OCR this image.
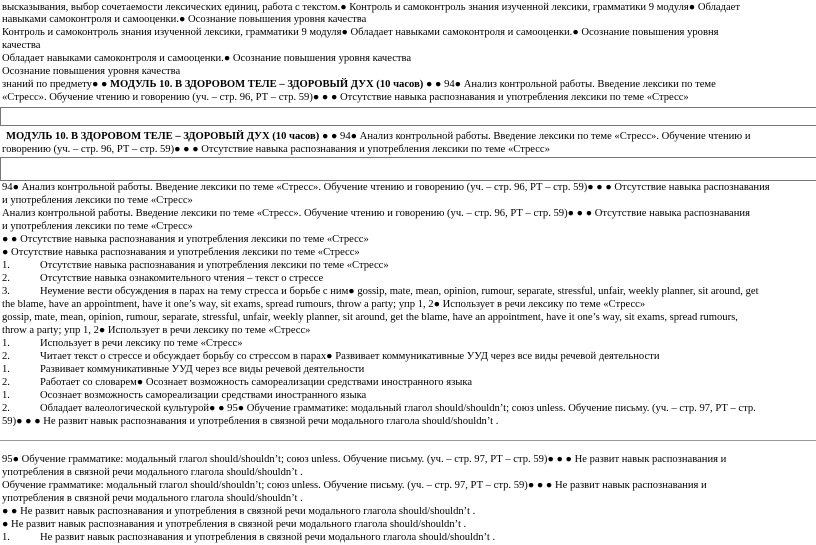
высказывания, выбор сочетаемости лексических единиц, работа с текстом.● Контроль и самоконтроль знания изученной лексики, грамматики 9 модуля● Обладает
навыками самоконтроля и самооценки.● Осознание повышения уровня качества
Контроль и самоконтроль знания изученной лексики, грамматики 9 модуля● Обладает навыками самоконтроля и самооценки.● Осознание повышения уровня
качества
Обладает навыками самоконтроля и самооценки.● Осознание повышения уровня качества
Осознание повышения уровня качества
знаний по предмету● ● МОДУЛЬ 10. В ЗДОРОВОМ ТЕЛЕ – ЗДОРОВЫЙ ДУХ (10 часов) ● ● 94● Анализ контрольной работы. Введение лексики по теме
«Стресс». Обучение чтению и говорению (уч. – стр. 96, РТ – стр. 59)● ● ● Отсутствие навыка распознавания и употребления лексики по теме «Стресс»
МОДУЛЬ 10. В ЗДОРОВОМ ТЕЛЕ – ЗДОРОВЫЙ ДУХ (10 часов) ● ● 94● Анализ контрольной работы. Введение лексики по теме «Стресс». Обучение чтению и
говорению (уч. – стр. 96, РТ – стр. 59)● ● ● Отсутствие навыка распознавания и употребления лексики по теме «Стресс»
94● Анализ контрольной работы. Введение лексики по теме «Стресс». Обучение чтению и говорению (уч. – стр. 96, РТ – стр. 59)● ● ● Отсутствие навыка распознавания
и употребления лексики по теме «Стресс»
Анализ контрольной работы. Введение лексики по теме «Стресс». Обучение чтению и говорению (уч. – стр. 96, РТ – стр. 59)● ● ● Отсутствие навыка распознавания
и употребления лексики по теме «Стресс»
● ● Отсутствие навыка распознавания и употребления лексики по теме «Стресс»
● Отсутствие навыка распознавания и употребления лексики по теме «Стресс»
1.	Отсутствие навыка распознавания и употребления лексики по теме «Стресс»
2.	Отсутствие навыка ознакомительного чтения – текст о стрессе
3.	Неумение вести обсуждения в парах на тему стресса и борьбе с ним● gossip, mate, mean, opinion, rumour, separate, stressful, unfair, weekly planner, sit around, get
the blame, have an appointment, have it one’s way, sit exams, spread rumours, throw a party; упр 1, 2● Использует в речи лексику по теме «Стресс»
gossip, mate, mean, opinion, rumour, separate, stressful, unfair, weekly planner, sit around, get the blame, have an appointment, have it one’s way, sit exams, spread rumours,
throw a party; упр 1, 2● Использует в речи лексику по теме «Стресс»
1.	Использует в речи лексику по теме «Стресс»
2.	Читает текст о стрессе и обсуждает борьбу со стрессом в парах● Развивает коммуникативные УУД через все виды речевой деятельности
1.	Развивает коммуникативные УУД через все виды речевой деятельности
2.	Работает со словарем● Осознает возможность самореализации средствами иностранного языка
1.	Осознает возможность самореализации средствами иностранного языка
2.	Обладает валеологической культурой● ● 95● Обучение грамматике: модальный глагол should/shouldn’t; союз unless. Обучение письму. (уч. – стр. 97, РТ – стр.
59)● ● ● Не развит навык распознавания и употребления в связной речи модального глагола should/shouldn’t .
95● Обучение грамматике: модальный глагол should/shouldn’t; союз unless. Обучение письму. (уч. – стр. 97, РТ – стр. 59)● ● ● Не развит навык распознавания и
употребления в связной речи модального глагола should/shouldn’t .
Обучение грамматике: модальный глагол should/shouldn’t; союз unless. Обучение письму. (уч. – стр. 97, РТ – стр. 59)● ● ● Не развит навык распознавания и
употребления в связной речи модального глагола should/shouldn’t .
● ● Не развит навык распознавания и употребления в связной речи модального глагола should/shouldn’t .
● Не развит навык распознавания и употребления в связной речи модального глагола should/shouldn’t .
1.	Не развит навык распознавания и употребления в связной речи модального глагола should/shouldn’t .
